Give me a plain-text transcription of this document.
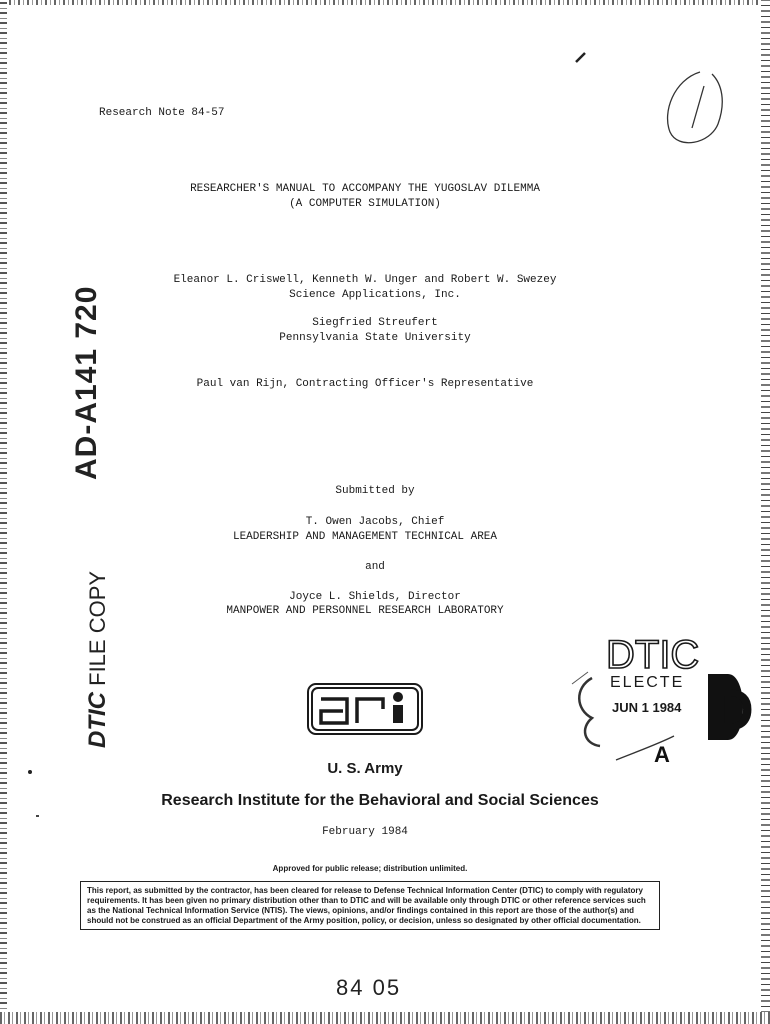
Research Note 84-57
RESEARCHER'S MANUAL TO ACCOMPANY THE YUGOSLAV DILEMMA
(A COMPUTER SIMULATION)
Eleanor L. Criswell, Kenneth W. Unger and Robert W. Swezey
Science Applications, Inc.
Siegfried Streufert
Pennsylvania State University
Paul van Rijn, Contracting Officer's Representative
AD-A141 720
DTIC FILE COPY
Submitted by
T. Owen Jacobs, Chief
LEADERSHIP AND MANAGEMENT TECHNICAL AREA
and
Joyce L. Shields, Director
MANPOWER AND PERSONNEL RESEARCH LABORATORY
U. S. Army
Research Institute for the Behavioral and Social Sciences
February 1984
Approved for public release; distribution unlimited.
This report, as submitted by the contractor, has been cleared for release to Defense Technical Information Center (DTIC) to comply with regulatory requirements. It has been given no primary distribution other than to DTIC and will be available only through DTIC or other reference services such as the National Technical Information Service (NTIS). The views, opinions, and/or findings contained in this report are those of the author(s) and should not be construed as an official Department of the Army position, policy, or decision, unless so designated by other official documentation.
84 05
DTIC
ELECTE
JUN 1 1984 D
A
